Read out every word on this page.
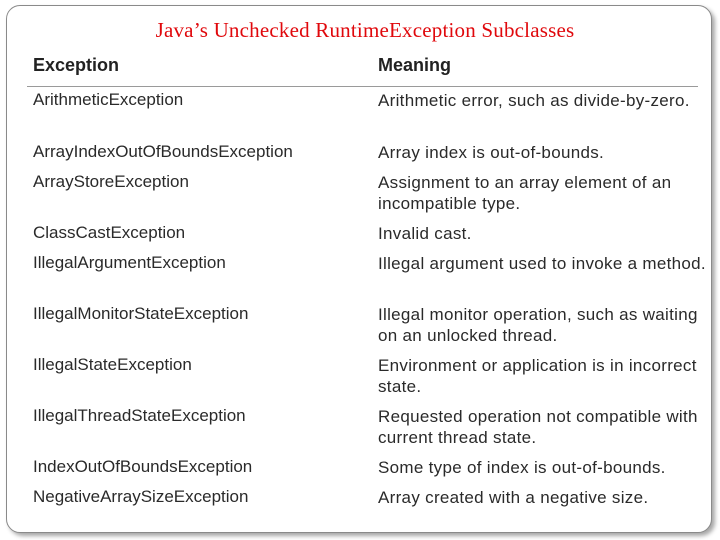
Java’s Unchecked RuntimeException Subclasses
Exception	Meaning
ArithmeticException	Arithmetic error, such as divide-by-zero.
ArrayIndexOutOfBoundsException	Array index is out-of-bounds.
ArrayStoreException	Assignment to an array element of an incompatible type.
ClassCastException	Invalid cast.
IllegalArgumentException	Illegal argument used to invoke a method.
IllegalMonitorStateException	Illegal monitor operation, such as waiting on an unlocked thread.
IllegalStateException	Environment or application is in incorrect state.
IllegalThreadStateException	Requested operation not compatible with current thread state.
IndexOutOfBoundsException	Some type of index is out-of-bounds.
NegativeArraySizeException	Array created with a negative size.
